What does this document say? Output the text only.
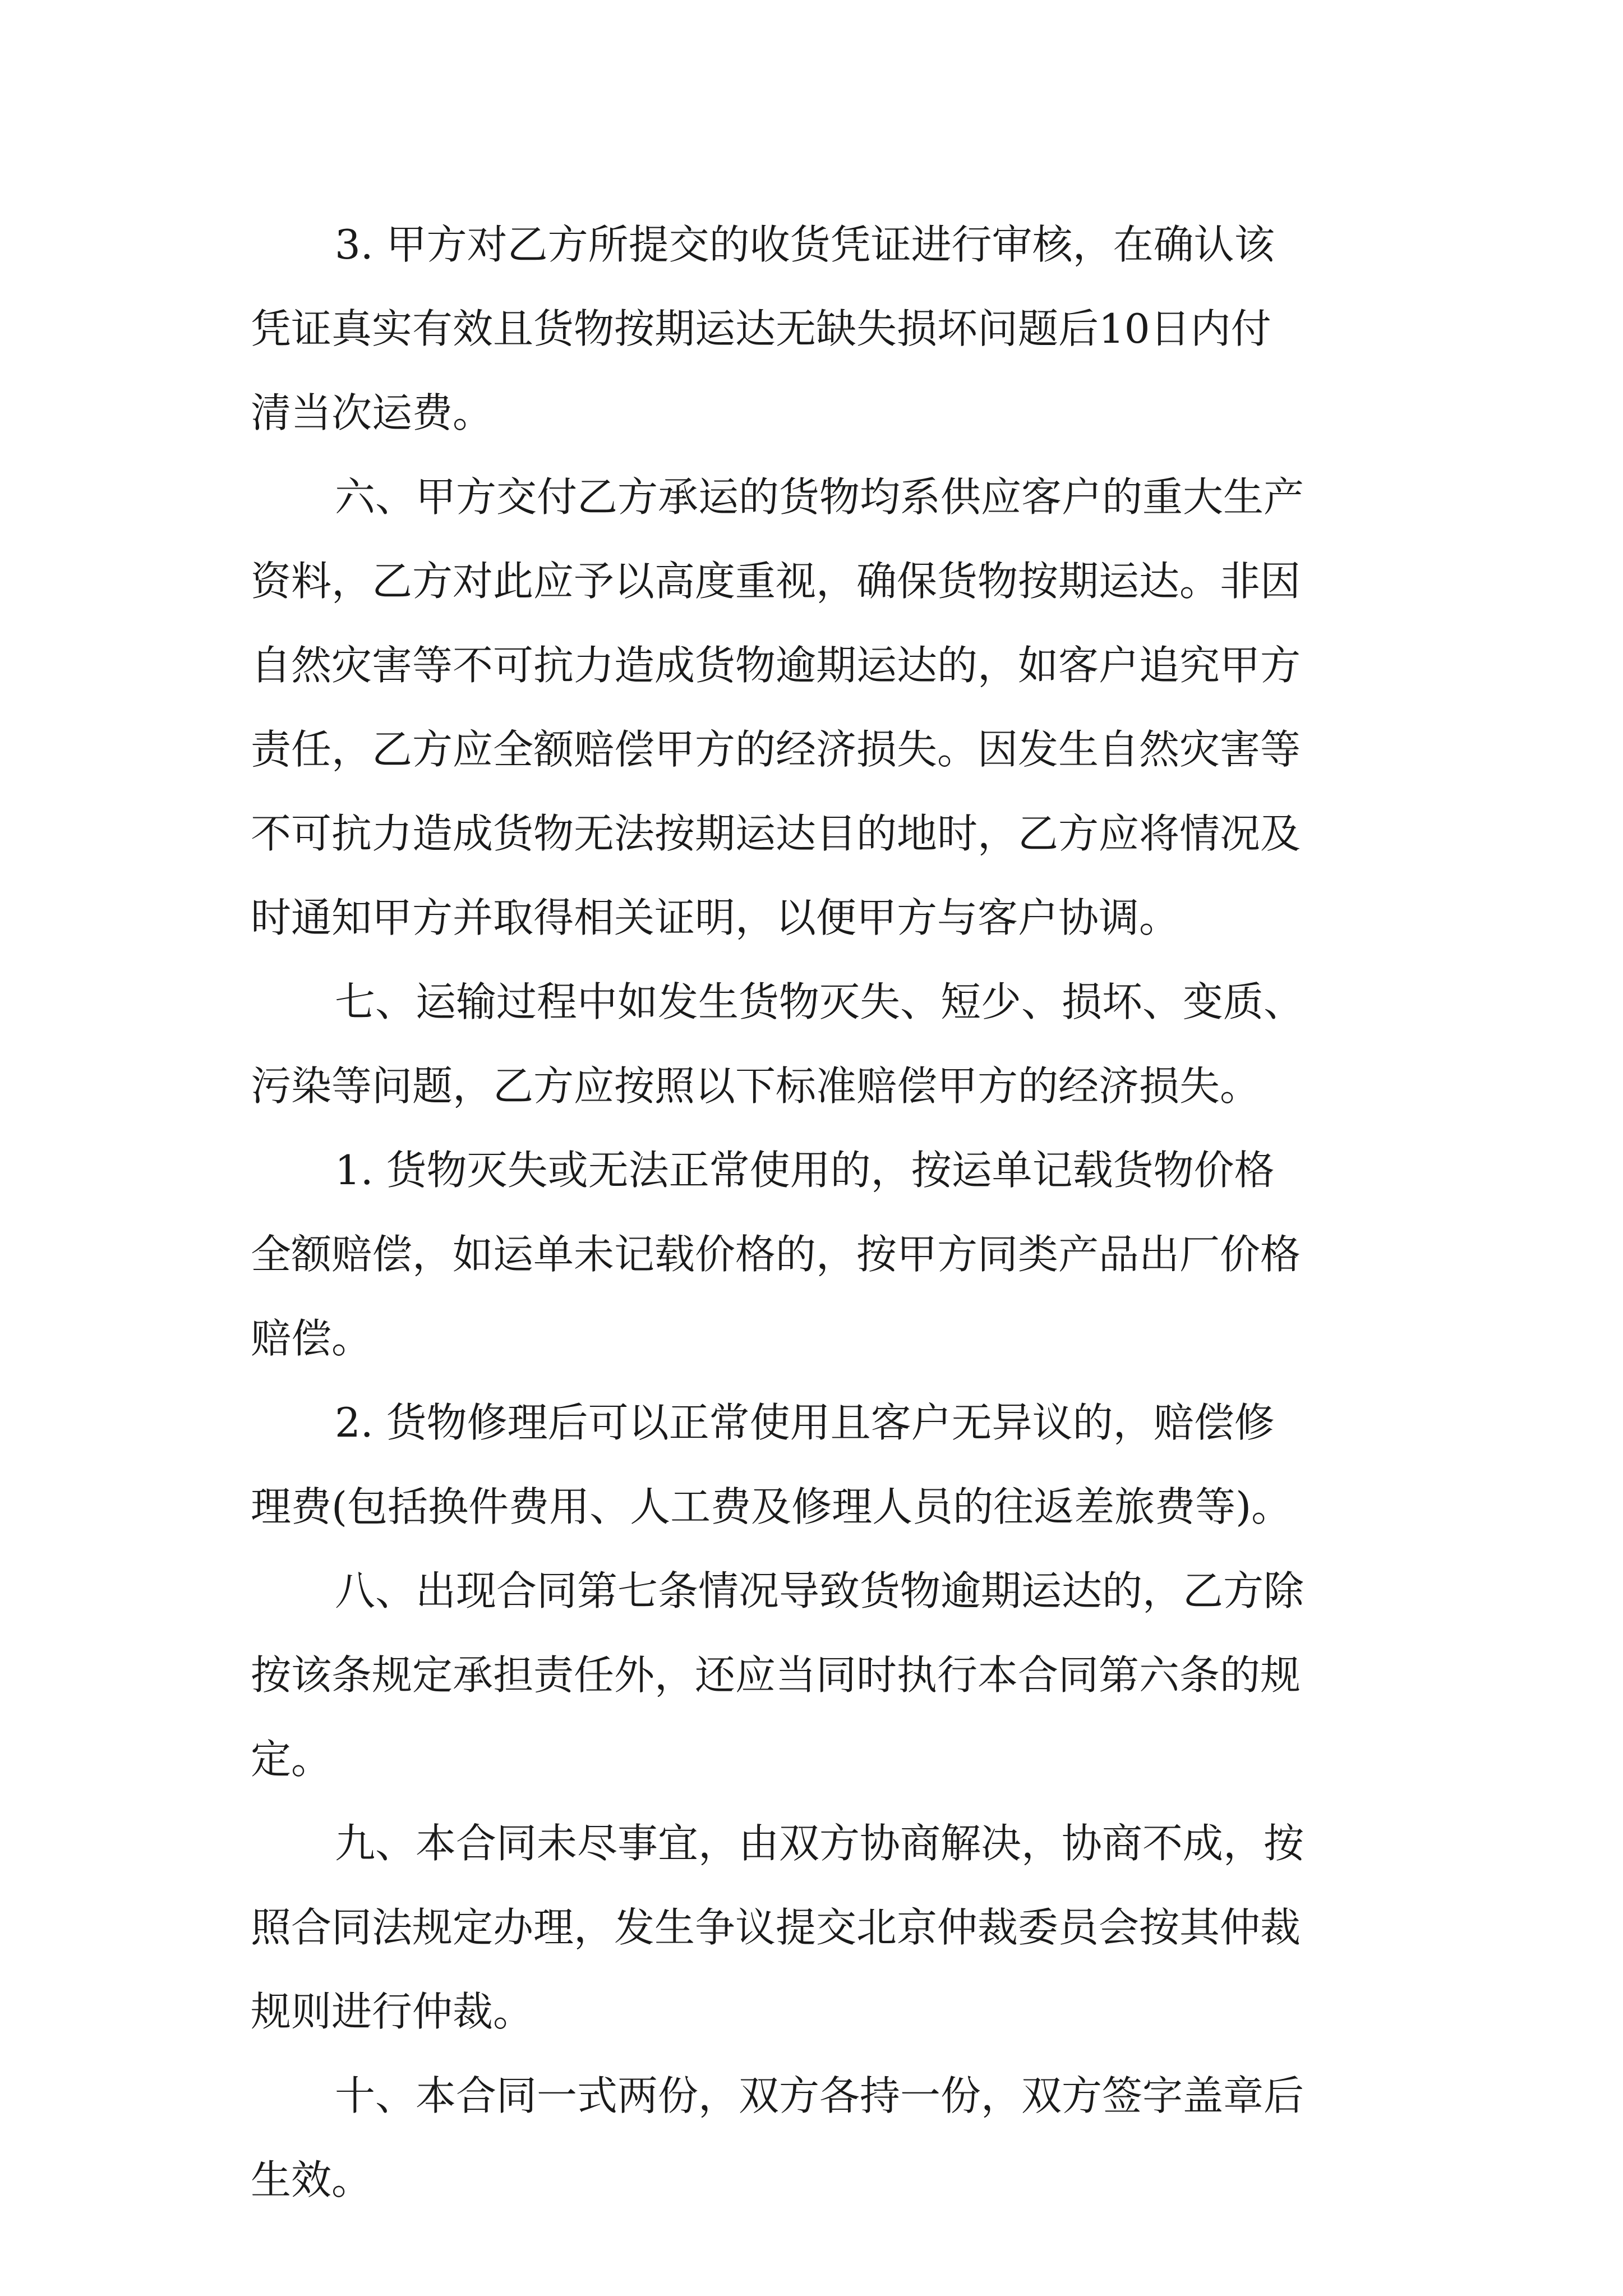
3. 甲方对乙方所提交的收货凭证进行审核，在确认该

凭证真实有效且货物按期运达无缺失损坏问题后10日内付

清当次运费。

六、甲方交付乙方承运的货物均系供应客户的重大生产

资料，乙方对此应予以高度重视，确保货物按期运达。非因

自然灾害等不可抗力造成货物逾期运达的，如客户追究甲方

责任，乙方应全额赔偿甲方的经济损失。因发生自然灾害等

不可抗力造成货物无法按期运达目的地时，乙方应将情况及

时通知甲方并取得相关证明，以便甲方与客户协调。

七、运输过程中如发生货物灭失、短少、损坏、变质、

污染等问题，乙方应按照以下标准赔偿甲方的经济损失。

1. 货物灭失或无法正常使用的，按运单记载货物价格

全额赔偿，如运单未记载价格的，按甲方同类产品出厂价格

赔偿。

2. 货物修理后可以正常使用且客户无异议的，赔偿修

理费(包括换件费用、人工费及修理人员的往返差旅费等)。

八、出现合同第七条情况导致货物逾期运达的，乙方除

按该条规定承担责任外，还应当同时执行本合同第六条的规

定。

九、本合同未尽事宜，由双方协商解决，协商不成，按

照合同法规定办理，发生争议提交北京仲裁委员会按其仲裁

规则进行仲裁。

十、本合同一式两份，双方各持一份，双方签字盖章后

生效。
